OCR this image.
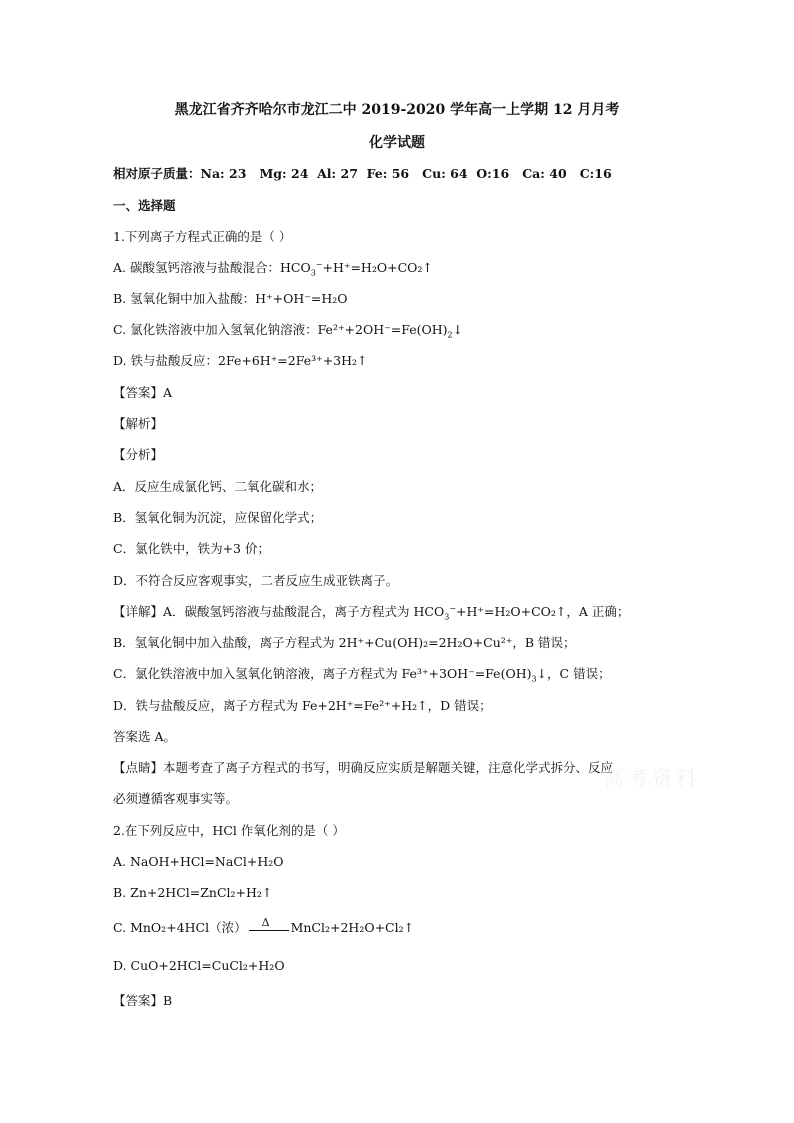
黑龙江省齐齐哈尔市龙江二中 2019-2020 学年高一上学期 12 月月考
化学试题
相对原子质量：Na: 23   Mg: 24  Al: 27  Fe: 56   Cu: 64  O:16   Ca: 40   C:16
一、选择题
1.下列离子方程式正确的是（ ）
A. 碳酸氢钙溶液与盐酸混合：$HCO_3^-+H^+=H_2O+CO_2↑$
B. 氢氧化铜中加入盐酸：H⁺+OH⁻=H₂O
C. 氯化铁溶液中加入氢氧化钠溶液：$Fe^{2+}+2OH^-=Fe(OH)_2↓$
D. 铁与盐酸反应：2Fe+6H⁺=2Fe³⁺+3H₂↑
【答案】A
【解析】
【分析】
A．反应生成氯化钙、二氧化碳和水；
B．氢氧化铜为沉淀，应保留化学式；
C．氯化铁中，铁为+3 价；
D．不符合反应客观事实，二者反应生成亚铁离子。
【详解】A．碳酸氢钙溶液与盐酸混合，离子方程式为 $HCO_3^-+H^+=H_2O+CO_2↑$，A 正确；
B．氢氧化铜中加入盐酸，离子方程式为 2H⁺+Cu(OH)₂=2H₂O+Cu²⁺，B 错误；
C．氯化铁溶液中加入氢氧化钠溶液，离子方程式为 $Fe^{3+}+3OH^-=Fe(OH)_3↓$，C 错误；
D．铁与盐酸反应，离子方程式为 Fe+2H⁺=Fe²⁺+H₂↑，D 错误；
答案选 A。
【点睛】本题考查了离子方程式的书写，明确反应实质是解题关键，注意化学式拆分、反应
必须遵循客观事实等。
2.在下列反应中，HCl 作氧化剂的是（ ）
A. NaOH+HCl=NaCl+H₂O
B. Zn+2HCl=ZnCl₂+H₂↑
C. MnO₂+4HCl（浓） Δ MnCl₂+2H₂O+Cl₂↑
D. CuO+2HCl=CuCl₂+H₂O
【答案】B
高考资料
